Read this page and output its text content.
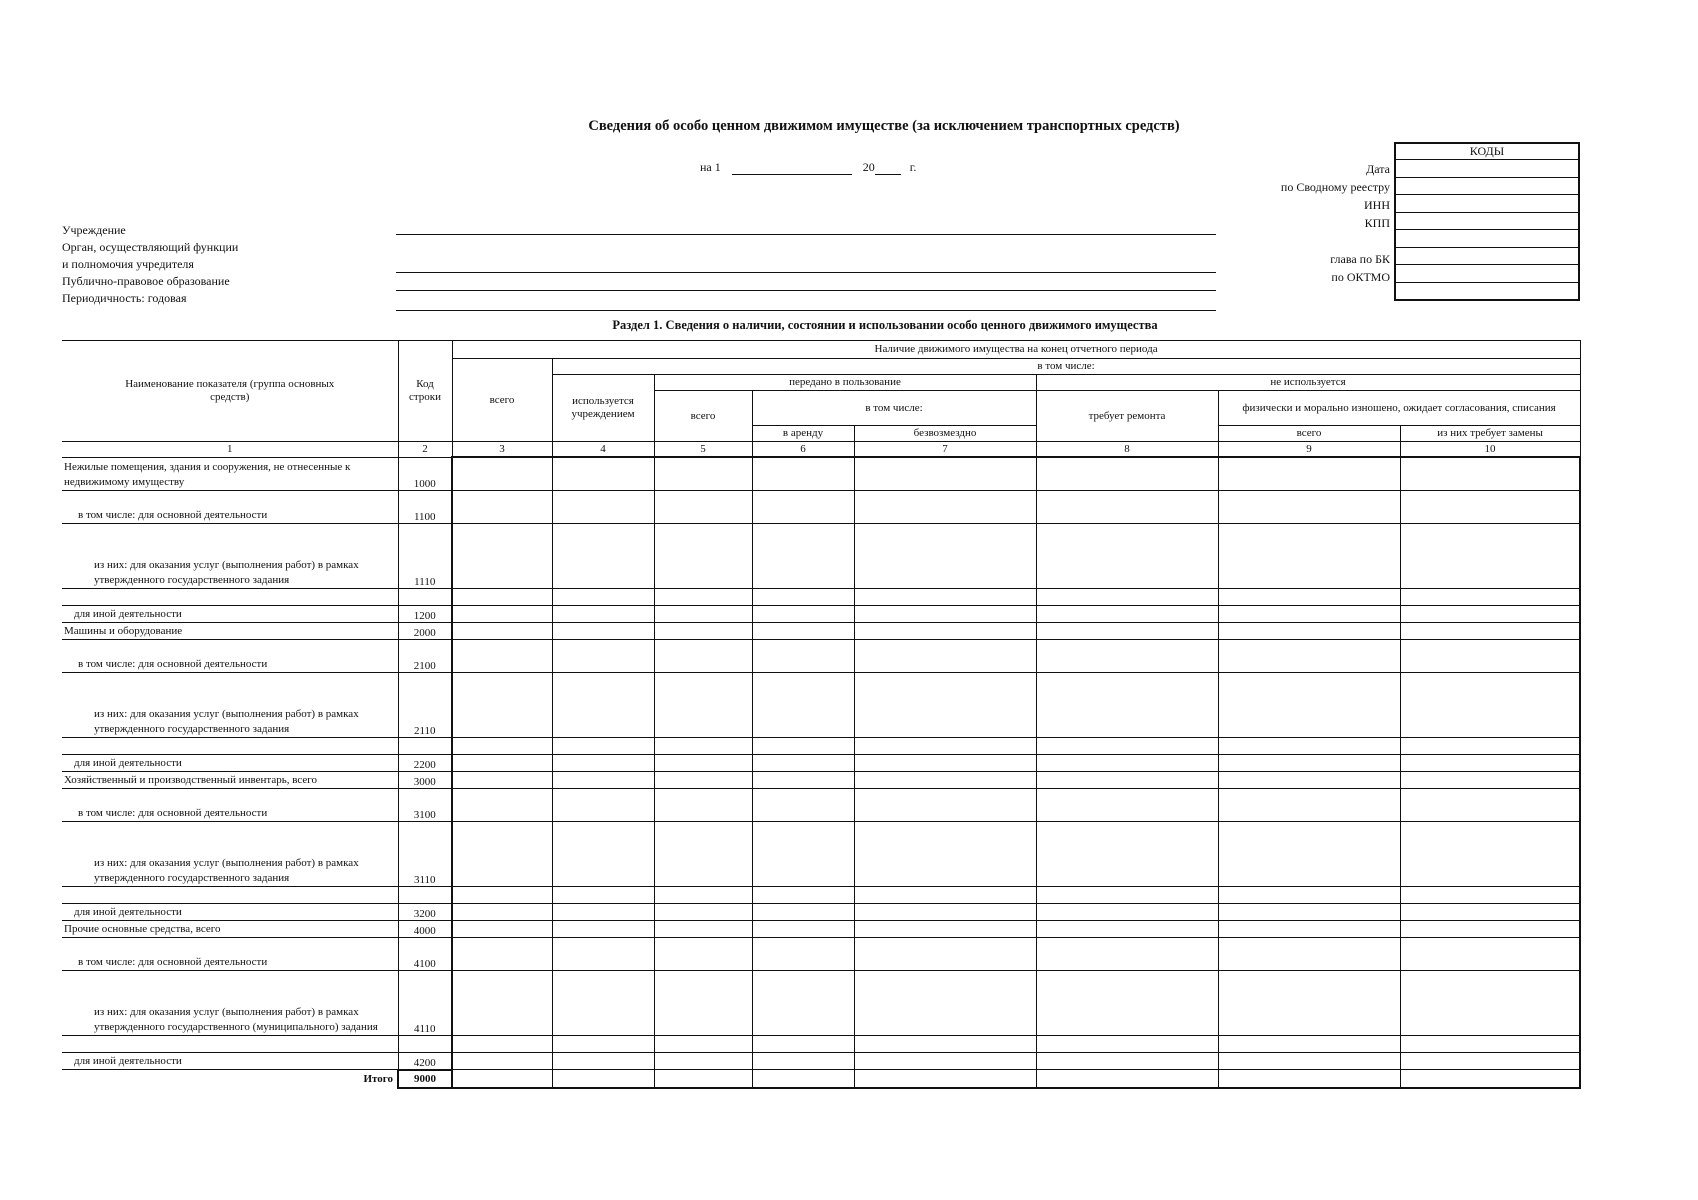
Сведения об особо ценном движимом имуществе (за исключением транспортных средств)
на 1	20	г.
Учреждение
Орган, осуществляющий функции
и полномочия учредителя
Публично-правовое образование
Периодичность: годовая
Дата
по Сводному реестру
ИНН
КПП
глава по БК
по ОКТМО
КОДЫ

Раздел 1. Сведения о наличии, состоянии и использовании особо ценного движимого имущества
Наименование показателя (группа основных средств)	Код строки	Наличие движимого имущества на конец отчетного периода							
		всего	в том числе:						
			используется учреждением	передано в пользование			не используется		
				всего	в том числе:		требует ремонта	физически и морально изношено, ожидает согласования, списания	
					в аренду	безвозмездно		всего	из них требует замены
1	2	3	4	5	6	7	8	9	10
Нежилые помещения, здания и сооружения, не отнесенные к недвижимому имуществу	1000								
в том числе: для основной деятельности	1100								
из них: для оказания услуг (выполнения работ) в рамках утвержденного государственного задания	1110								

для иной деятельности	1200								
Машины и оборудование	2000								
в том числе: для основной деятельности	2100								
из них: для оказания услуг (выполнения работ) в рамках утвержденного государственного задания	2110								

для иной деятельности	2200								
Хозяйственный и производственный инвентарь, всего	3000								
в том числе: для основной деятельности	3100								
из них: для оказания услуг (выполнения работ) в рамках утвержденного государственного задания	3110								

для иной деятельности	3200								
Прочие основные средства, всего	4000								
в том числе: для основной деятельности	4100								
из них: для оказания услуг (выполнения работ) в рамках утвержденного государственного (муниципального) задания	4110								

для иной деятельности	4200								
Итого	9000								
